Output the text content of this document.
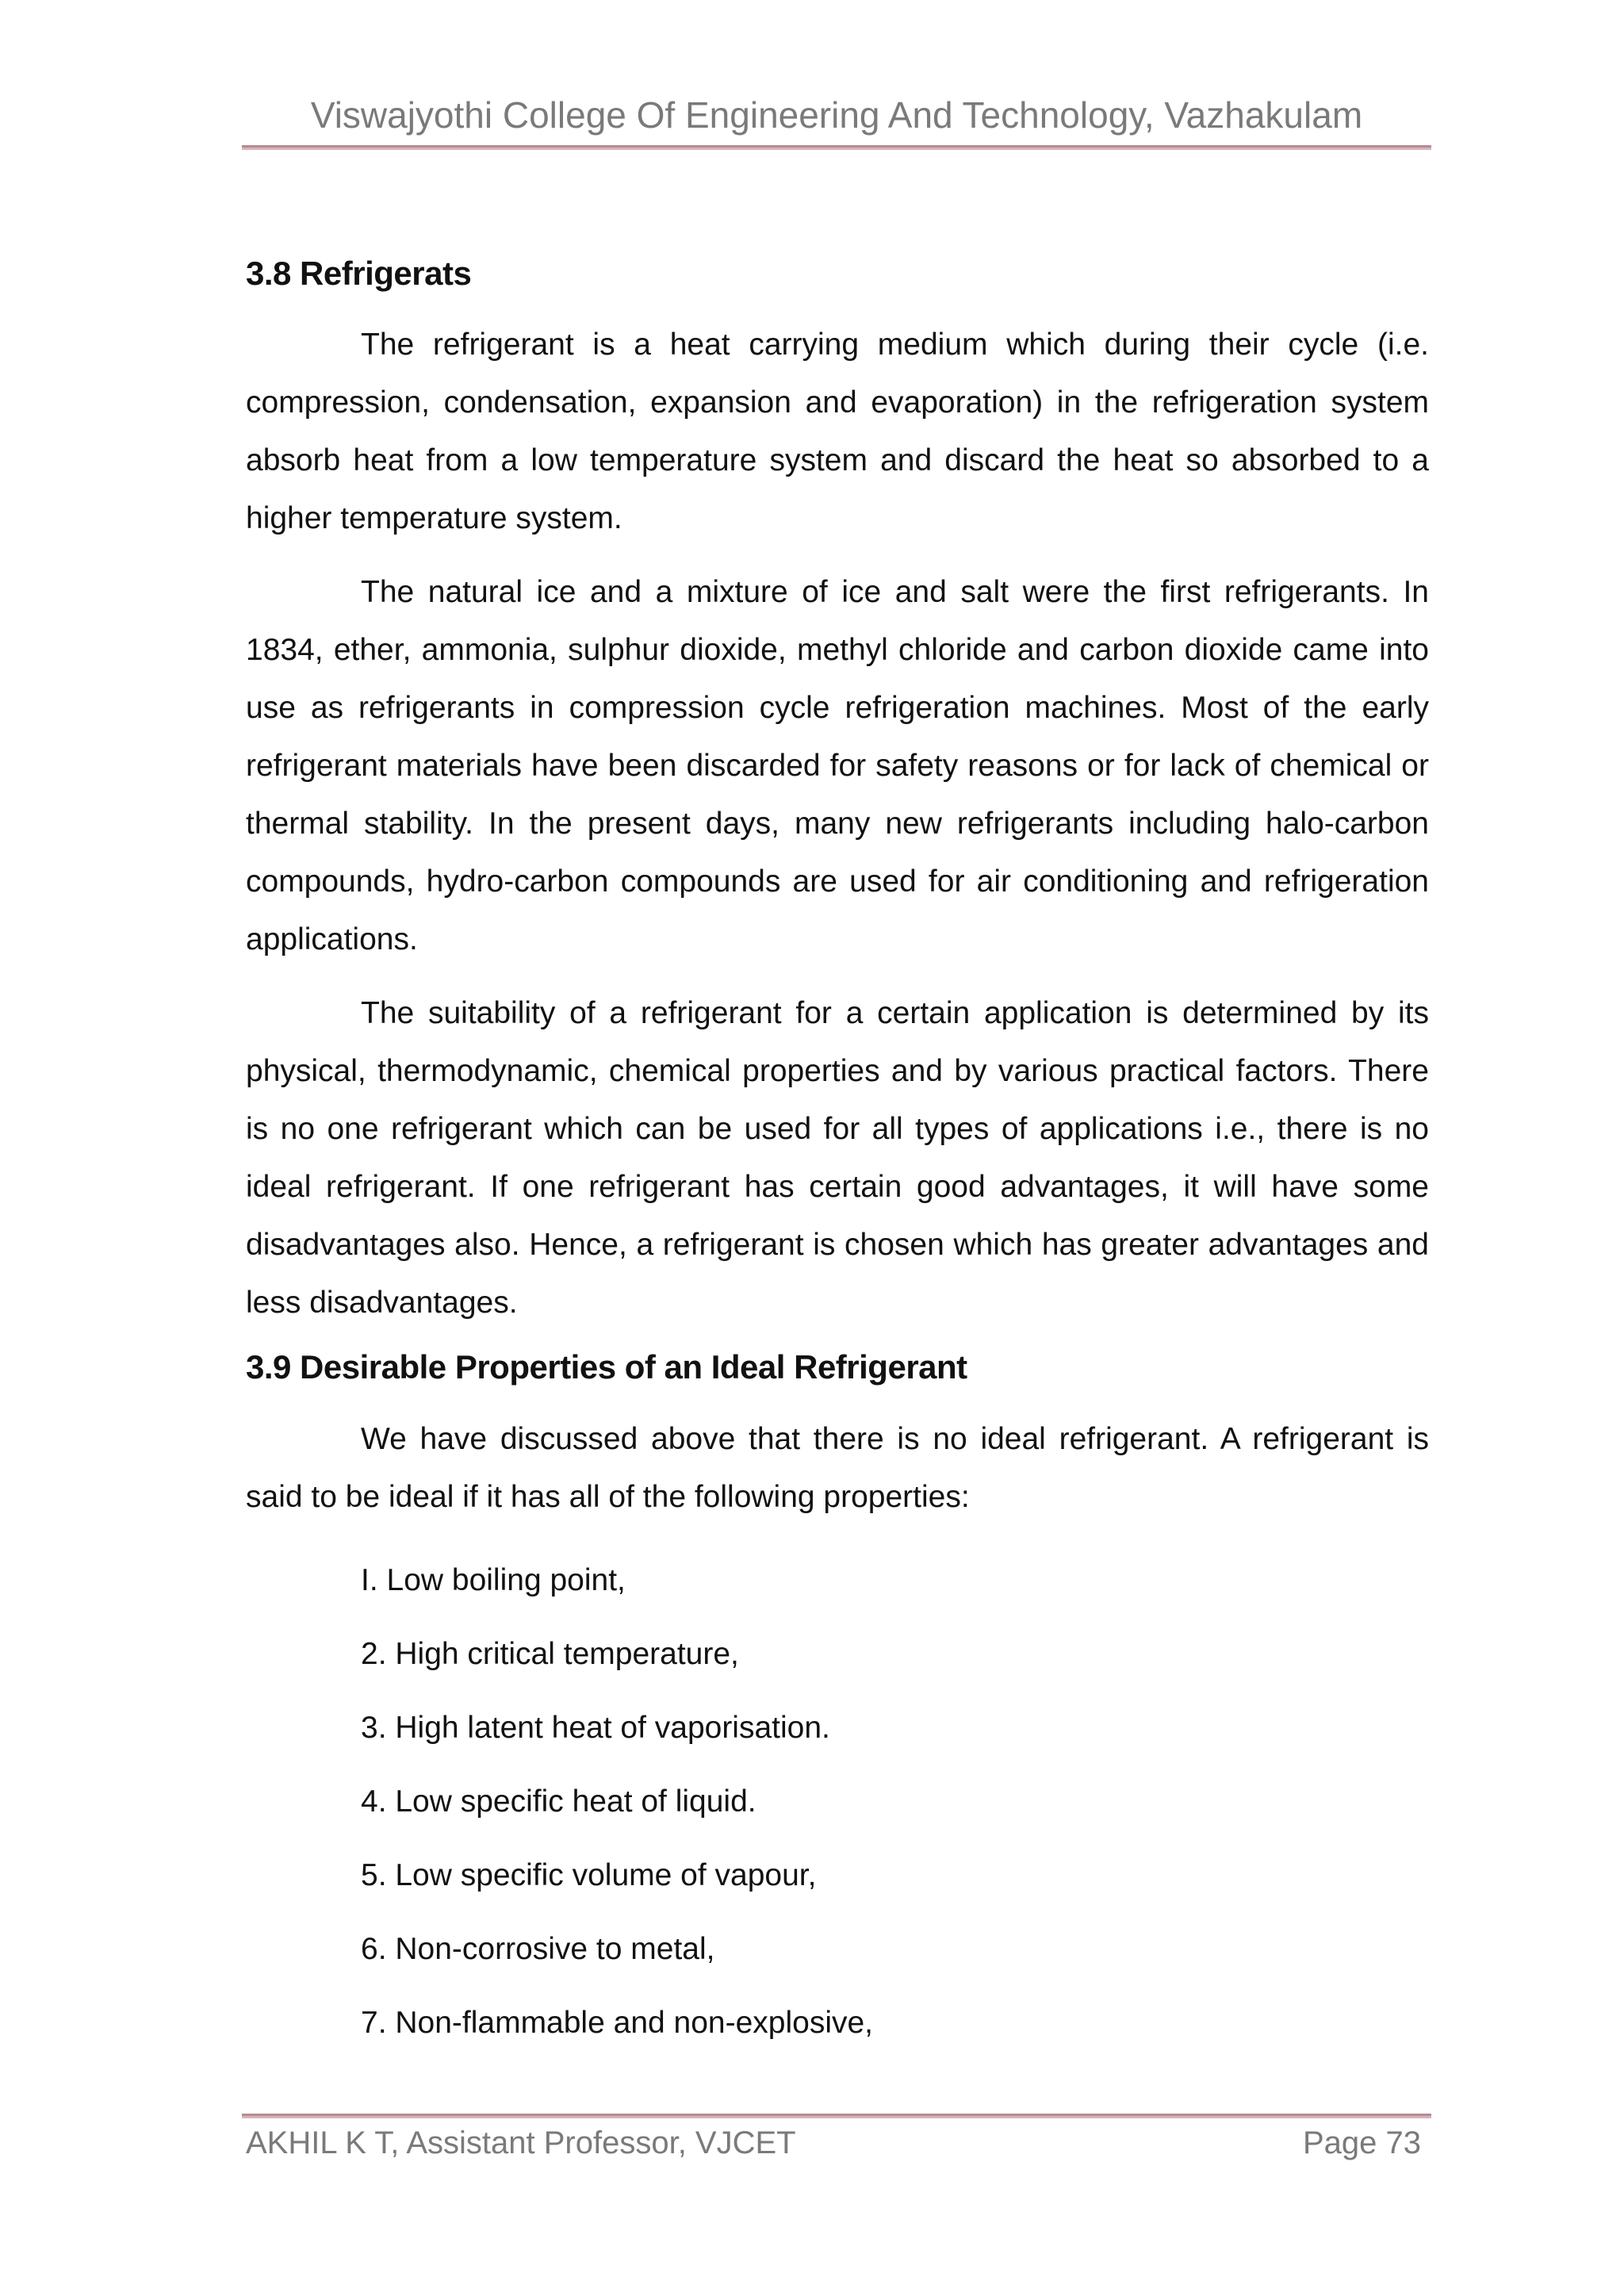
Viswajyothi College Of Engineering And Technology, Vazhakulam
3.8 Refrigerats

The refrigerant is a heat carrying medium which during their cycle (i.e. compression, condensation, expansion and evaporation) in the refrigeration system absorb heat from a low temperature system and discard the heat so absorbed to a higher temperature system.

The natural ice and a mixture of ice and salt were the first refrigerants. In 1834, ether, ammonia, sulphur dioxide, methyl chloride and carbon dioxide came into use as refrigerants in compression cycle refrigeration machines. Most of the early refrigerant materials have been discarded for safety reasons or for lack of chemical or thermal stability. In the present days, many new refrigerants including halo-carbon compounds, hydro-carbon compounds are used for air conditioning and refrigeration applications.

The suitability of a refrigerant for a certain application is determined by its physical, thermodynamic, chemical properties and by various practical factors. There is no one refrigerant which can be used for all types of applications i.e., there is no ideal refrigerant. If one refrigerant has certain good advantages, it will have some disadvantages also. Hence, a refrigerant is chosen which has greater advantages and less disadvantages.

3.9 Desirable Properties of an Ideal Refrigerant

We have discussed above that there is no ideal refrigerant. A refrigerant is said to be ideal if it has all of the following properties:

I. Low boiling point,
2. High critical temperature,
3. High latent heat of vaporisation.
4. Low specific heat of liquid.
5. Low specific volume of vapour,
6. Non-corrosive to metal,
7. Non-flammable and non-explosive,
AKHIL K T, Assistant Professor, VJCET	Page 73
